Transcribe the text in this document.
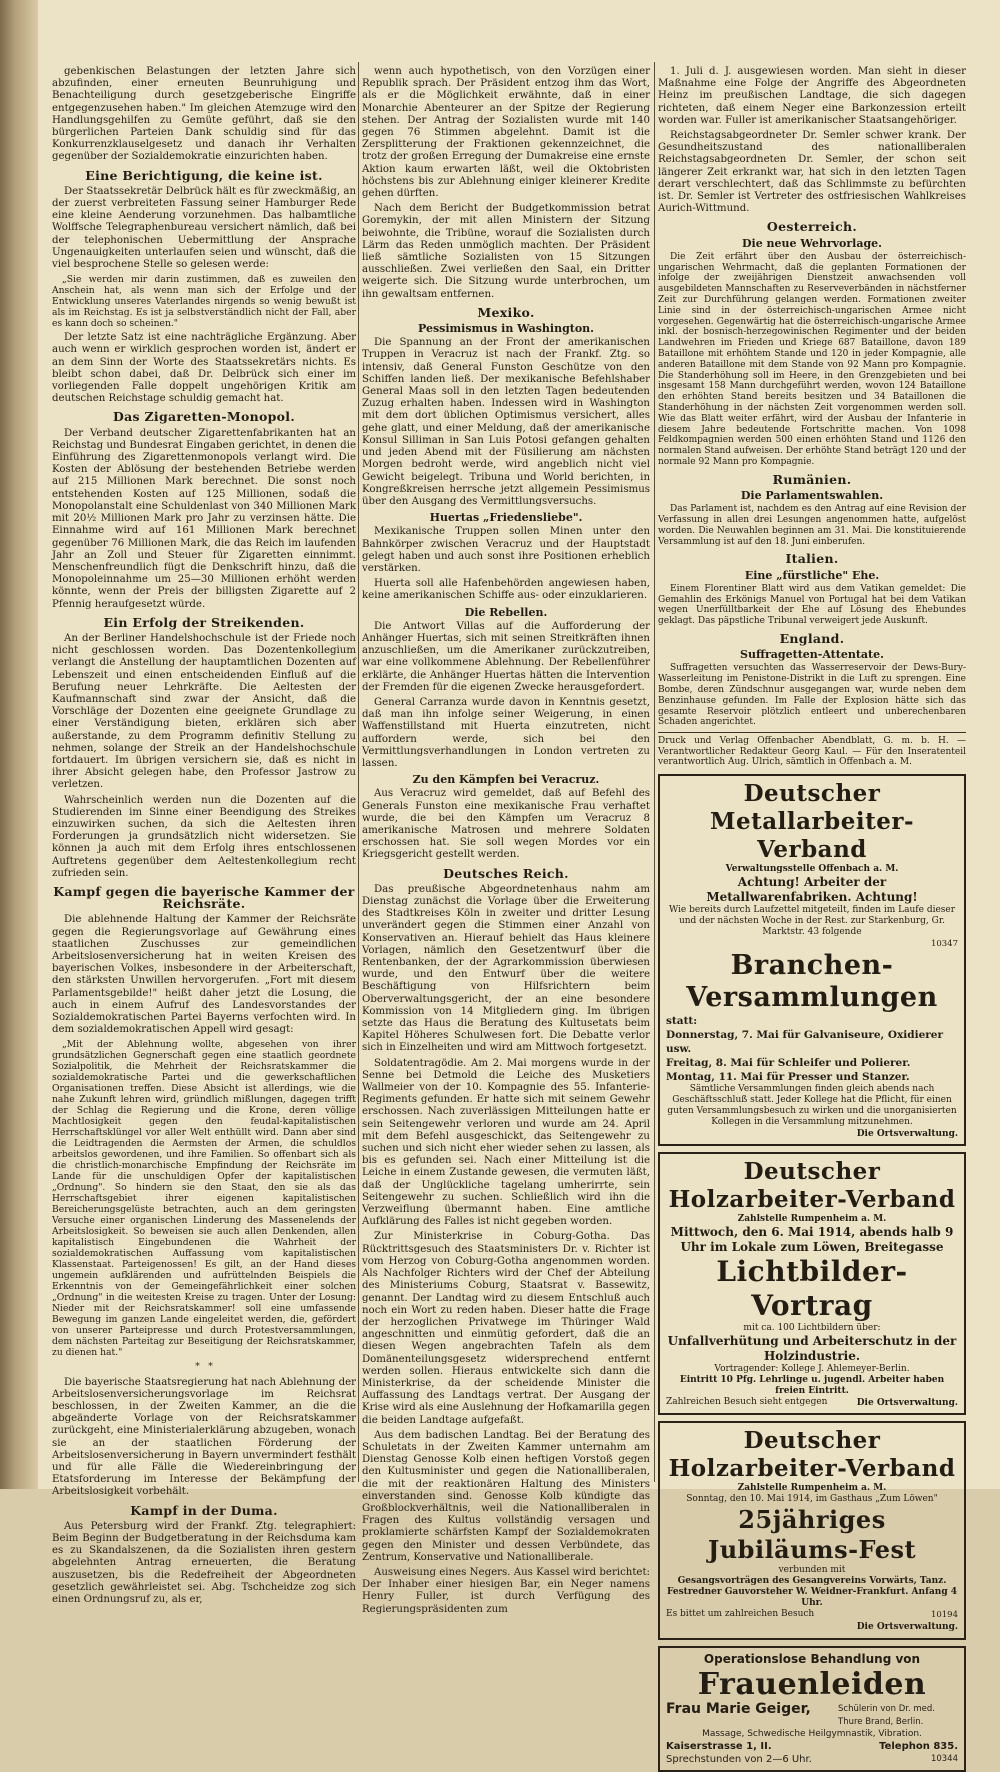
gebenkischen Belastungen der letzten Jahre sich abzufinden, einer erneuten Beunruhigung und Benachteiligung durch gesetzgeberische Eingriffe entgegenzusehen haben." Im gleichen Atemzuge wird den Handlungsgehilfen zu Gemüte geführt, daß sie den bürgerlichen Parteien Dank schuldig sind für das Konkurrenzklauselgesetz und danach ihr Verhalten gegenüber der Sozialdemokratie einzurichten haben.

Eine Berichtigung, die keine ist.

Der Staatssekretär Delbrück hält es für zweckmäßig, an der zuerst verbreiteten Fassung seiner Hamburger Rede eine kleine Aenderung vorzunehmen. Das halbamtliche Wolffsche Telegraphenbureau versichert nämlich, daß bei der telephonischen Uebermittlung der Ansprache Ungenauigkeiten unterlaufen seien und wünscht, daß die viel besprochene Stelle so gelesen werde:

„Sie werden mir darin zustimmen, daß es zuweilen den Anschein hat, als wenn man sich der Erfolge und der Entwicklung unseres Vaterlandes nirgends so wenig bewußt ist als im Reichstag. Es ist ja selbstverständlich nicht der Fall, aber es kann doch so scheinen."

Der letzte Satz ist eine nachträgliche Ergänzung. Aber auch wenn er wirklich gesprochen worden ist, ändert er an dem Sinn der Worte des Staatssekretärs nichts. Es bleibt schon dabei, daß Dr. Delbrück sich einer im vorliegenden Falle doppelt ungehörigen Kritik am deutschen Reichstage schuldig gemacht hat.

Das Zigaretten-Monopol.

Der Verband deutscher Zigarettenfabrikanten hat an Reichstag und Bundesrat Eingaben gerichtet, in denen die Einführung des Zigarettenmonopols verlangt wird. Die Kosten der Ablösung der bestehenden Betriebe werden auf 215 Millionen Mark berechnet. Die sonst noch entstehenden Kosten auf 125 Millionen, sodaß die Monopolanstalt eine Schuldenlast von 340 Millionen Mark mit 20½ Millionen Mark pro Jahr zu verzinsen hätte. Die Einnahme wird auf 161 Millionen Mark berechnet gegenüber 76 Millionen Mark, die das Reich im laufenden Jahr an Zoll und Steuer für Zigaretten einnimmt. Menschenfreundlich fügt die Denkschrift hinzu, daß die Monopoleinnahme um 25—30 Millionen erhöht werden könnte, wenn der Preis der billigsten Zigarette auf 2 Pfennig heraufgesetzt würde.

Ein Erfolg der Streikenden.

An der Berliner Handelshochschule ist der Friede noch nicht geschlossen worden. Das Dozentenkollegium verlangt die Anstellung der hauptamtlichen Dozenten auf Lebenszeit und einen entscheidenden Einfluß auf die Berufung neuer Lehrkräfte. Die Aeltesten der Kaufmannschaft sind zwar der Ansicht, daß die Vorschläge der Dozenten eine geeignete Grundlage zu einer Verständigung bieten, erklären sich aber außerstande, zu dem Programm definitiv Stellung zu nehmen, solange der Streik an der Handelshochschule fortdauert. Im übrigen versichern sie, daß es nicht in ihrer Absicht gelegen habe, den Professor Jastrow zu verletzen.

Wahrscheinlich werden nun die Dozenten auf die Studierenden im Sinne einer Beendigung des Streikes einzuwirken suchen, da sich die Aeltesten ihren Forderungen ja grundsätzlich nicht widersetzen. Sie können ja auch mit dem Erfolg ihres entschlossenen Auftretens gegenüber dem Aeltestenkollegium recht zufrieden sein.

Kampf gegen die bayerische Kammer der Reichsräte.

Die ablehnende Haltung der Kammer der Reichsräte gegen die Regierungsvorlage auf Gewährung eines staatlichen Zuschusses zur gemeindlichen Arbeitslosenversicherung hat in weiten Kreisen des bayerischen Volkes, insbesondere in der Arbeiterschaft, den stärksten Unwillen hervorgerufen. „Fort mit diesem Parlamentsgebilde!" heißt daher jetzt die Losung, die auch in einem Aufruf des Landesvorstandes der Sozialdemokratischen Partei Bayerns verfochten wird. In dem sozialdemokratischen Appell wird gesagt:

„Mit der Ablehnung wollte, abgesehen von ihrer grundsätzlichen Gegnerschaft gegen eine staatlich geordnete Sozialpolitik, die Mehrheit der Reichsratskammer die sozialdemokratische Partei und die gewerkschaftlichen Organisationen treffen. Diese Absicht ist allerdings, wie die nahe Zukunft lehren wird, gründlich mißlungen, dagegen trifft der Schlag die Regierung und die Krone, deren völlige Machtlosigkeit gegen den feudal-kapitalistischen Herrschaftsklüngel vor aller Welt enthüllt wird. Dann aber sind die Leidtragenden die Aermsten der Armen, die schuldlos arbeitslos gewordenen, und ihre Familien. So offenbart sich als die christlich-monarchische Empfindung der Reichsräte im Lande für die unschuldigen Opfer der kapitalistischen „Ordnung". So hindern sie den Staat, den sie als das Herrschaftsgebiet ihrer eigenen kapitalistischen Bereicherungsgelüste betrachten, auch an dem geringsten Versuche einer organischen Linderung des Massenelends der Arbeitslosigkeit. So beweisen sie auch allen Denkenden, allen kapitalistisch Eingebundenen die Wahrheit der sozialdemokratischen Auffassung vom kapitalistischen Klassenstaat. Parteigenossen! Es gilt, an der Hand dieses ungemein aufklärenden und aufrüttelnden Beispiels die Erkenntnis von der Gemeingefährlichkeit einer solchen „Ordnung" in die weitesten Kreise zu tragen. Unter der Losung: Nieder mit der Reichsratskammer! soll eine umfassende Bewegung im ganzen Lande eingeleitet werden, die, gefördert von unserer Parteipresse und durch Protestversammlungen, dem nächsten Parteitag zur Beseitigung der Reichsratskammer, zu dienen hat."

*   *

Die bayerische Staatsregierung hat nach Ablehnung der Arbeitslosenversicherungsvorlage im Reichsrat beschlossen, in der Zweiten Kammer, an die die abgeänderte Vorlage von der Reichsratskammer zurückgeht, eine Ministerialerklärung abzugeben, wonach sie an der staatlichen Förderung der Arbeitslosenversicherung in Bayern unvermindert festhält und für alle Fälle die Wiedereinbringung der Etatsforderung im Interesse der Bekämpfung der Arbeitslosigkeit vorbehält.

Kampf in der Duma.

Aus Petersburg wird der Frankf. Ztg. telegraphiert: Beim Beginn der Budgetberatung in der Reichsduma kam es zu Skandalszenen, da die Sozialisten ihren gestern abgelehnten Antrag erneuerten, die Beratung auszusetzen, bis die Redefreiheit der Abgeordneten gesetzlich gewährleistet sei. Abg. Tschcheidze zog sich einen Ordnungsruf zu, als er,

wenn auch hypothetisch, von den Vorzügen einer Republik sprach. Der Präsident entzog ihm das Wort, als er die Möglichkeit erwähnte, daß in einer Monarchie Abenteurer an der Spitze der Regierung stehen. Der Antrag der Sozialisten wurde mit 140 gegen 76 Stimmen abgelehnt. Damit ist die Zersplitterung der Fraktionen gekennzeichnet, die trotz der großen Erregung der Dumakreise eine ernste Aktion kaum erwarten läßt, weil die Oktobristen höchstens bis zur Ablehnung einiger kleinerer Kredite gehen dürften.

Nach dem Bericht der Budgetkommission betrat Goremykin, der mit allen Ministern der Sitzung beiwohnte, die Tribüne, worauf die Sozialisten durch Lärm das Reden unmöglich machten. Der Präsident ließ sämtliche Sozialisten von 15 Sitzungen ausschließen. Zwei verließen den Saal, ein Dritter weigerte sich. Die Sitzung wurde unterbrochen, um ihn gewaltsam entfernen.

Mexiko.
Pessimismus in Washington.

Die Spannung an der Front der amerikanischen Truppen in Veracruz ist nach der Frankf. Ztg. so intensiv, daß General Funston Geschütze von den Schiffen landen ließ. Der mexikanische Befehlshaber General Maas soll in den letzten Tagen bedeutenden Zuzug erhalten haben. Indessen wird in Washington mit dem dort üblichen Optimismus versichert, alles gehe glatt, und einer Meldung, daß der amerikanische Konsul Silliman in San Luis Potosi gefangen gehalten und jeden Abend mit der Füsilierung am nächsten Morgen bedroht werde, wird angeblich nicht viel Gewicht beigelegt. Tribuna und World berichten, in Kongreßkreisen herrsche jetzt allgemein Pessimismus über den Ausgang des Vermittlungsversuchs.

Huertas „Friedensliebe".

Mexikanische Truppen sollen Minen unter den Bahnkörper zwischen Veracruz und der Hauptstadt gelegt haben und auch sonst ihre Positionen erheblich verstärken.

Huerta soll alle Hafenbehörden angewiesen haben, keine amerikanischen Schiffe aus- oder einzuklarieren.

Die Rebellen.

Die Antwort Villas auf die Aufforderung der Anhänger Huertas, sich mit seinen Streitkräften ihnen anzuschließen, um die Amerikaner zurückzutreiben, war eine vollkommene Ablehnung. Der Rebellenführer erklärte, die Anhänger Huertas hätten die Intervention der Fremden für die eigenen Zwecke herausgefordert.

General Carranza wurde davon in Kenntnis gesetzt, daß man ihn infolge seiner Weigerung, in einen Waffenstillstand mit Huerta einzutreten, nicht auffordern werde, sich bei den Vermittlungsverhandlungen in London vertreten zu lassen.

Zu den Kämpfen bei Veracruz.

Aus Veracruz wird gemeldet, daß auf Befehl des Generals Funston eine mexikanische Frau verhaftet wurde, die bei den Kämpfen um Veracruz 8 amerikanische Matrosen und mehrere Soldaten erschossen hat. Sie soll wegen Mordes vor ein Kriegsgericht gestellt werden.

Deutsches Reich.

Das preußische Abgeordnetenhaus nahm am Dienstag zunächst die Vorlage über die Erweiterung des Stadtkreises Köln in zweiter und dritter Lesung unverändert gegen die Stimmen einer Anzahl von Konservativen an. Hierauf behielt das Haus kleinere Vorlagen, nämlich den Gesetzentwurf über die Rentenbanken, der der Agrarkommission überwiesen wurde, und den Entwurf über die weitere Beschäftigung von Hilfsrichtern beim Oberverwaltungsgericht, der an eine besondere Kommission von 14 Mitgliedern ging. Im übrigen setzte das Haus die Beratung des Kultusetats beim Kapitel Höheres Schulwesen fort. Die Debatte verlor sich in Einzelheiten und wird am Mittwoch fortgesetzt.

Soldatentragödie. Am 2. Mai morgens wurde in der Senne bei Detmold die Leiche des Musketiers Wallmeier von der 10. Kompagnie des 55. Infanterie-Regiments gefunden. Er hatte sich mit seinem Gewehr erschossen. Nach zuverlässigen Mitteilungen hatte er sein Seitengewehr verloren und wurde am 24. April mit dem Befehl ausgeschickt, das Seitengewehr zu suchen und sich nicht eher wieder sehen zu lassen, als bis es gefunden sei. Nach einer Mitteilung ist die Leiche in einem Zustande gewesen, die vermuten läßt, daß der Unglückliche tagelang umherirrte, sein Seitengewehr zu suchen. Schließlich wird ihn die Verzweiflung übermannt haben. Eine amtliche Aufklärung des Falles ist nicht gegeben worden.

Zur Ministerkrise in Coburg-Gotha. Das Rücktrittsgesuch des Staatsministers Dr. v. Richter ist vom Herzog von Coburg-Gotha angenommen worden. Als Nachfolger Richters wird der Chef der Abteilung des Ministeriums Coburg, Staatsrat v. Bassewitz, genannt. Der Landtag wird zu diesem Entschluß auch noch ein Wort zu reden haben. Dieser hatte die Frage der herzoglichen Privatwege im Thüringer Wald angeschnitten und einmütig gefordert, daß die an diesen Wegen angebrachten Tafeln als dem Domänenteilungsgesetz widersprechend entfernt werden sollen. Hieraus entwickelte sich dann die Ministerkrise, da der scheidende Minister die Auffassung des Landtags vertrat. Der Ausgang der Krise wird als eine Auslehnung der Hofkamarilla gegen die beiden Landtage aufgefaßt.

Aus dem badischen Landtag. Bei der Beratung des Schuletats in der Zweiten Kammer unternahm am Dienstag Genosse Kolb einen heftigen Vorstoß gegen den Kultusminister und gegen die Nationalliberalen, die mit der reaktionären Haltung des Ministers einverstanden sind. Genosse Kolb kündigte das Großblockverhältnis, weil die Nationalliberalen in Fragen des Kultus vollständig versagen und proklamierte schärfsten Kampf der Sozialdemokraten gegen den Minister und dessen Verbündete, das Zentrum, Konservative und Nationalliberale.

Ausweisung eines Negers. Aus Kassel wird berichtet: Der Inhaber einer hiesigen Bar, ein Neger namens Henry Fuller, ist durch Verfügung des Regierungspräsidenten zum

1. Juli d. J. ausgewiesen worden. Man sieht in dieser Maßnahme eine Folge der Angriffe des Abgeordneten Heinz im preußischen Landtage, die sich dagegen richteten, daß einem Neger eine Barkonzession erteilt worden war. Fuller ist amerikanischer Staatsangehöriger.

Reichstagsabgeordneter Dr. Semler schwer krank. Der Gesundheitszustand des nationalliberalen Reichstagsabgeordneten Dr. Semler, der schon seit längerer Zeit erkrankt war, hat sich in den letzten Tagen derart verschlechtert, daß das Schlimmste zu befürchten ist. Dr. Semler ist Vertreter des ostfriesischen Wahlkreises Aurich-Wittmund.

Oesterreich.
Die neue Wehrvorlage.

Die Zeit erfährt über den Ausbau der österreichisch-ungarischen Wehrmacht, daß die geplanten Formationen der infolge der zweijährigen Dienstzeit anwachsenden voll ausgebildeten Mannschaften zu Reserveverbänden in nächstferner Zeit zur Durchführung gelangen werden. Formationen zweiter Linie sind in der österreichisch-ungarischen Armee nicht vorgesehen. Gegenwärtig hat die österreichisch-ungarische Armee inkl. der bosnisch-herzegowinischen Regimenter und der beiden Landwehren im Frieden und Kriege 687 Bataillone, davon 189 Bataillone mit erhöhtem Stande und 120 in jeder Kompagnie, alle anderen Bataillone mit dem Stande von 92 Mann pro Kompagnie. Die Standerhöhung soll im Heere, in den Grenzgebieten und bei insgesamt 158 Mann durchgeführt werden, wovon 124 Bataillone den erhöhten Stand bereits besitzen und 34 Bataillonen die Standerhöhung in der nächsten Zeit vorgenommen werden soll. Wie das Blatt weiter erfährt, wird der Ausbau der Infanterie in diesem Jahre bedeutende Fortschritte machen. Von 1098 Feldkompagnien werden 500 einen erhöhten Stand und 1126 den normalen Stand aufweisen. Der erhöhte Stand beträgt 120 und der normale 92 Mann pro Kompagnie.

Rumänien.
Die Parlamentswahlen.

Das Parlament ist, nachdem es den Antrag auf eine Revision der Verfassung in allen drei Lesungen angenommen hatte, aufgelöst worden. Die Neuwahlen beginnen am 31. Mai. Die konstituierende Versammlung ist auf den 18. Juni einberufen.

Italien.
Eine „fürstliche" Ehe.

Einem Florentiner Blatt wird aus dem Vatikan gemeldet: Die Gemahlin des Erkönigs Manuel von Portugal hat bei dem Vatikan wegen Unerfülltbarkeit der Ehe auf Lösung des Ehebundes geklagt. Das päpstliche Tribunal verweigert jede Auskunft.

England.
Suffragetten-Attentate.

Suffragetten versuchten das Wasserreservoir der Dews-Bury-Wasserleitung im Penistone-Distrikt in die Luft zu sprengen. Eine Bombe, deren Zündschnur ausgegangen war, wurde neben dem Benzinhause gefunden. Im Falle der Explosion hätte sich das gesamte Reservoir plötzlich entleert und unberechenbaren Schaden angerichtet.

Druck und Verlag Offenbacher Abendblatt, G. m. b. H. — Verantwortlicher Redakteur Georg Kaul. — Für den Inseratenteil verantwortlich Aug. Ulrich, sämtlich in Offenbach a. M.
Deutscher Metallarbeiter-Verband
Verwaltungsstelle Offenbach a. M.
Achtung! Arbeiter der Metallwarenfabriken. Achtung!
Wie bereits durch Laufzettel mitgeteilt, finden im Laufe dieser und der nächsten Woche in der Rest. zur Starkenburg, Gr. Marktstr. 43 folgende
10347
Branchen-Versammlungen
statt:
Donnerstag, 7. Mai für Galvaniseure, Oxidierer usw.
Freitag, 8. Mai für Schleifer und Polierer.
Montag, 11. Mai für Presser und Stanzer.
Sämtliche Versammlungen finden gleich abends nach Geschäftsschluß statt. Jeder Kollege hat die Pflicht, für einen guten Versammlungsbesuch zu wirken und die unorganisierten Kollegen in die Versammlung mitzunehmen.
Die Ortsverwaltung.
Deutscher Holzarbeiter-Verband
Zahlstelle Rumpenheim a. M.
Mittwoch, den 6. Mai 1914, abends halb 9 Uhr im Lokale zum Löwen, Breitegasse
Lichtbilder-Vortrag
mit ca. 100 Lichtbildern über:
Unfallverhütung und Arbeiterschutz in der Holzindustrie.
Vortragender: Kollege J. Ahlemeyer-Berlin.
Eintritt 10 Pfg. Lehrlinge u. jugendl. Arbeiter haben freien Eintritt.
Zahlreichen Besuch sieht entgegen	Die Ortsverwaltung.
Deutscher Holzarbeiter-Verband
Zahlstelle Rumpenheim a. M.
Sonntag, den 10. Mai 1914, im Gasthaus „Zum Löwen"
25jähriges Jubiläums-Fest
verbunden mit
Gesangsvorträgen des Gesangvereins Vorwärts, Tanz.
Festredner Gauvorsteher W. Weidner-Frankfurt. Anfang 4 Uhr.
Es bittet um zahlreichen Besuch	10194
Die Ortsverwaltung.
Operationslose Behandlung von
Frauenleiden
Frau Marie Geiger,	Schülerin von Dr. med. Thure Brand, Berlin.
Massage, Schwedische Heilgymnastik, Vibration.
Kaiserstrasse 1, II.	Telephon 835.
Sprechstunden von 2—6 Uhr.	10344
